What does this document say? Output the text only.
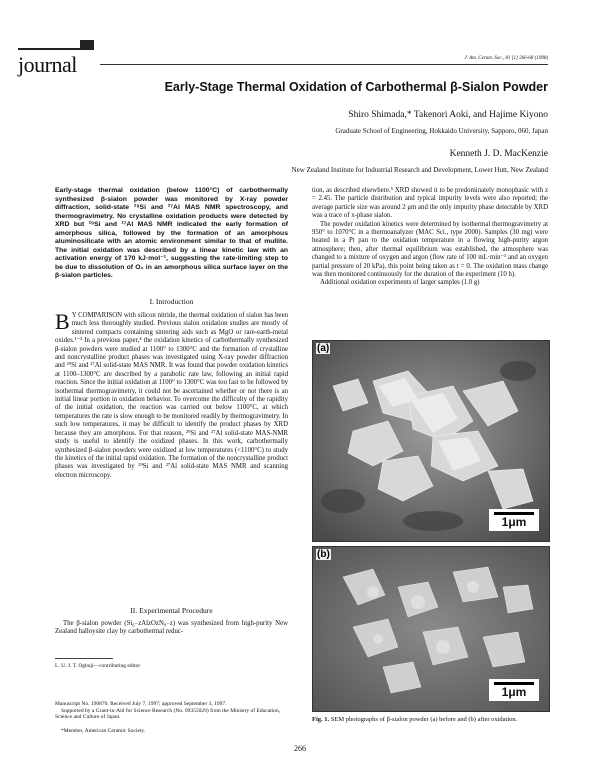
journal	J. Am. Ceram. Soc., 81 [1] 266-68 (1998)
Early-Stage Thermal Oxidation of Carbothermal β-Sialon Powder
Shiro Shimada,* Takenori Aoki, and Hajime Kiyono
Graduate School of Engineering, Hokkaido University, Sapporo, 060, Japan
Kenneth J. D. MacKenzie
New Zealand Institute for Industrial Research and Development, Lower Hutt, New Zealand
Early-stage thermal oxidation (below 1100°C) of carbothermally synthesized β-sialon powder was monitored by X-ray powder diffraction, solid-state ²⁹Si and ²⁷Al MAS NMR spectroscopy, and thermogravimetry. No crystalline oxidation products were detected by XRD but ²⁹Si and ²⁷Al MAS NMR indicated the early formation of amorphous silica, followed by the formation of an amorphous aluminosilicate with an atomic environment similar to that of mullite. The initial oxidation was described by a linear kinetic law with an activation energy of 170 kJ·mol⁻¹, suggesting the rate-limiting step to be due to dissolution of O₂ in an amorphous silica surface layer on the β-sialon particles.
I. Introduction
B Y COMPARISON with silicon nitride, the thermal oxidation of sialon has been much less thoroughly studied. Previous sialon oxidation studies are mostly of sintered compacts containing sintering aids such as MgO or rare-earth-metal oxides.¹⁻³ In a previous paper,⁴ the oxidation kinetics of carbothermally synthesized β-sialon powders were studied at 1100° to 1300°C and the formation of crystalline and noncrystalline product phases was investigated using X-ray powder diffraction and ²⁹Si and ²⁷Al solid-state MAS NMR. It was found that powder oxidation kinetics at 1100–1300°C are described by a parabolic rate law, following an initial rapid reaction. Since the initial oxidation at 1100° to 1300°C was too fast to be followed by isothermal thermogravimetry, it could not be ascertained whether or not there is an initial linear portion in oxidation behavior. To overcome the difficulty of the rapidity of the initial oxidation, the reaction was carried out below 1100°C, at which temperatures the rate is slow enough to be monitored readily by thermogravimetry. In such low temperatures, it may be difficult to identify the product phases by XRD because they are amorphous. For that reason, ²⁹Si and ²⁷Al solid-state MAS-NMR study is useful to identify the oxidized phases. In this work, carbothermally synthesized β-sialon powders were oxidized at low temperatures (<1100°C) to study the kinetics of the initial rapid oxidation. The formation of the noncrystalline product phases was investigated by ²⁹Si and ²⁷Al solid-state MAS NMR and scanning electron microscopy.
II. Experimental Procedure

The β-sialon powder (Si₆₋zAlzOzN₈₋z) was synthesized from high-purity New Zealand halloysite clay by carbothermal reduc-

L. U. J. T. Ogbuji—contributing editor
Manuscript No. 190870. Received July 7, 1997; approved September 3, 1997.
Supported by a Grant-in-Aid for Science Research (No. 09355029) from the Ministry of Education, Science and Culture of Japan.
*Member, American Ceramic Society.

tion, as described elsewhere.⁵ XRD showed it to be predominately monophasic with z = 2.45. The particle distribution and typical impurity levels were also reported; the average particle size was around 2 μm and the only impurity phase detectable by XRD was a trace of x-phase sialon.

The powder oxidation kinetics were determined by isothermal thermogravimetry at 950° to 1070°C in a thermoanalyzer (MAC Sci., type 2000). Samples (30 mg) were heated in a Pt pan to the oxidation temperature in a flowing high-purity argon atmosphere; then, after thermal equilibrium was established, the atmosphere was changed to a mixture of oxygen and argon (flow rate of 100 mL·min⁻¹ and an oxygen partial pressure of 20 kPa), this point being taken as t = 0. The oxidation mass change was then monitored continuously for the duration of the experiment (10 h).

Additional oxidation experiments of larger samples (1.0 g)

(a)
1μm
(b)
1μm
Fig. 1. SEM photographs of β-sialon powder (a) before and (b) after oxidation.
266
